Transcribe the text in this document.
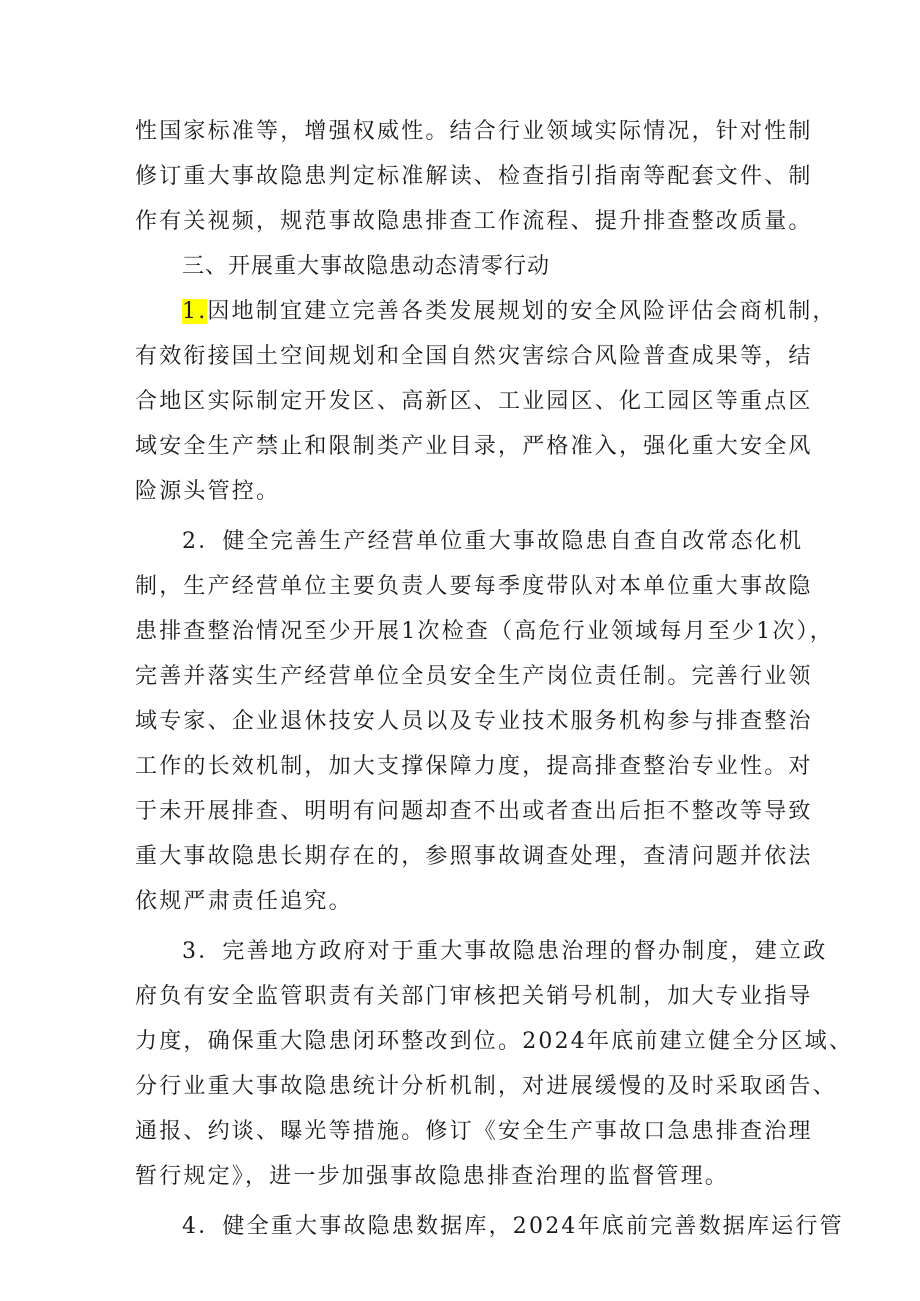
性国家标准等，增强权威性。结合行业领域实际情况，针对性制
修订重大事故隐患判定标准解读、检查指引指南等配套文件、制
作有关视频，规范事故隐患排查工作流程、提升排查整改质量。
三、开展重大事故隐患动态清零行动
1.因地制宜建立完善各类发展规划的安全风险评估会商机制，
有效衔接国土空间规划和全国自然灾害综合风险普查成果等，结
合地区实际制定开发区、高新区、工业园区、化工园区等重点区
域安全生产禁止和限制类产业目录，严格准入，强化重大安全风
险源头管控。
2．健全完善生产经营单位重大事故隐患自查自改常态化机
制，生产经营单位主要负责人要每季度带队对本单位重大事故隐
患排查整治情况至少开展1次检查（高危行业领域每月至少1次），
完善并落实生产经营单位全员安全生产岗位责任制。完善行业领
域专家、企业退休技安人员以及专业技术服务机构参与排查整治
工作的长效机制，加大支撑保障力度，提高排查整治专业性。对
于未开展排查、明明有问题却查不出或者查出后拒不整改等导致
重大事故隐患长期存在的，参照事故调查处理，查清问题并依法
依规严肃责任追究。
3．完善地方政府对于重大事故隐患治理的督办制度，建立政
府负有安全监管职责有关部门审核把关销号机制，加大专业指导
力度，确保重大隐患闭环整改到位。2024年底前建立健全分区域、
分行业重大事故隐患统计分析机制，对进展缓慢的及时采取函告、
通报、约谈、曝光等措施。修订《安全生产事故口急患排查治理
暂行规定》，进一步加强事故隐患排查治理的监督管理。
4．健全重大事故隐患数据库，2024年底前完善数据库运行管
